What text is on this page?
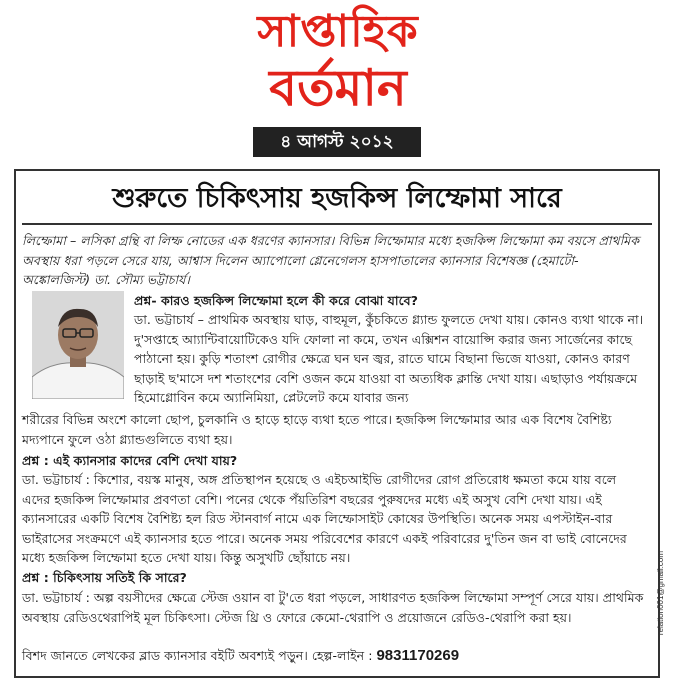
সাপ্তাহিক
বর্তমান
৪ আগস্ট ২০১২
শুরুতে চিকিৎসায় হজকিন্স লিম্ফোমা সারে
লিম্ফোমা – লসিকা গ্রন্থি বা লিম্ফ নোডের এক ধরণের ক্যানসার। বিভিন্ন লিম্ফোমার মধ্যে হজকিন্স লিম্ফোমা কম বয়সে প্রাথমিক অবস্থায় ধরা পড়লে সেরে যায়, আশ্বাস দিলেন অ্যাপোলো গ্লেনেগেলস হাসপাতালের ক্যানসার বিশেষজ্ঞ (হেমাটো-অঙ্কোলজিস্ট) ডা. সৌম্য ভট্টাচার্য।
প্রশ্ন- কারও হজকিন্স লিম্ফোমা হলে কী করে বোঝা যাবে?
ডা. ভট্টাচার্য – প্রাথমিক অবস্থায় ঘাড়, বাহুমূল, কুঁচকিতে গ্ল্যান্ড ফুলতে দেখা যায়। কোনও ব্যথা থাকে না। দু'সপ্তাহে আ্যান্টিবায়োটিকেও যদি ফোলা না কমে, তখন এক্সিশন বায়োপ্সি করার জন্য সার্জেনের কাছে পাঠানো হয়। কুড়ি শতাংশ রোগীর ক্ষেত্রে ঘন ঘন জ্বর, রাতে ঘামে বিছানা ভিজে যাওয়া, কোনও কারণ ছাড়াই ছ'মাসে দশ শতাংশের বেশি ওজন কমে যাওয়া বা অত্যধিক ক্লান্তি দেখা যায়। এছাড়াও পর্যায়ক্রমে হিমোগ্লোবিন কমে অ্যানিমিয়া, প্লেটলেট কমে যাবার জন্য
শরীরের বিভিন্ন অংশে কালো ছোপ, চুলকানি ও হাড়ে হাড়ে ব্যথা হতে পারে। হজকিন্স লিম্ফোমার আর এক বিশেষ বৈশিষ্ট্য মদ্যপানে ফুলে ওঠা গ্ল্যান্ডগুলিতে ব্যথা হয়।
প্রশ্ন : এই ক্যানসার কাদের বেশি দেখা যায়?
ডা. ভট্টাচার্য : কিশোর, বয়স্ক মানুষ, অঙ্গ প্রতিস্থাপন হয়েছে ও এইচআইভি রোগীদের রোগ প্রতিরোধ ক্ষমতা কমে যায় বলে এদের হজকিন্স লিম্ফোমার প্রবণতা বেশি। পনের থেকে পঁয়তিরিশ বছরের পুরুষদের মধ্যে এই অসুখ বেশি দেখা যায়। এই ক্যানসারের একটি বিশেষ বৈশিষ্ট্য হল রিড স্টানবার্গ নামে এক লিম্ফোসাইট কোষের উপস্থিতি। অনেক সময় এপস্টাইন-বার ভাইরাসের সংক্রমণে এই ক্যানসার হতে পারে। অনেক সময় পরিবেশের কারণে একই পরিবারের দু'তিন জন বা ভাই বোনেদের মধ্যে হজকিন্স লিম্ফোমা হতে দেখা যায়। কিন্তু অসুখটি ছোঁয়াচে নয়।
প্রশ্ন : চিকিৎসায় সতিই কি সারে?
ডা. ভট্টাচার্য : অল্প বয়সীদের ক্ষেত্রে স্টেজ ওয়ান বা টু'তে ধরা পড়লে, সাধারণত হজকিন্স লিম্ফোমা সম্পূর্ণ সেরে যায়। প্রাথমিক অবস্থায় রেডিওথেরাপিই মূল চিকিৎসা। স্টেজ থ্রি ও ফোরে কেমো-থেরাপি ও প্রয়োজনে রেডিও-থেরাপি করা হয়।
বিশদ জানতে লেখকের ব্লাড ক্যানসার বইটি অবশ্যই পড়ুন। হেল্প-লাইন : 9831170269
relation001@gmail.com
